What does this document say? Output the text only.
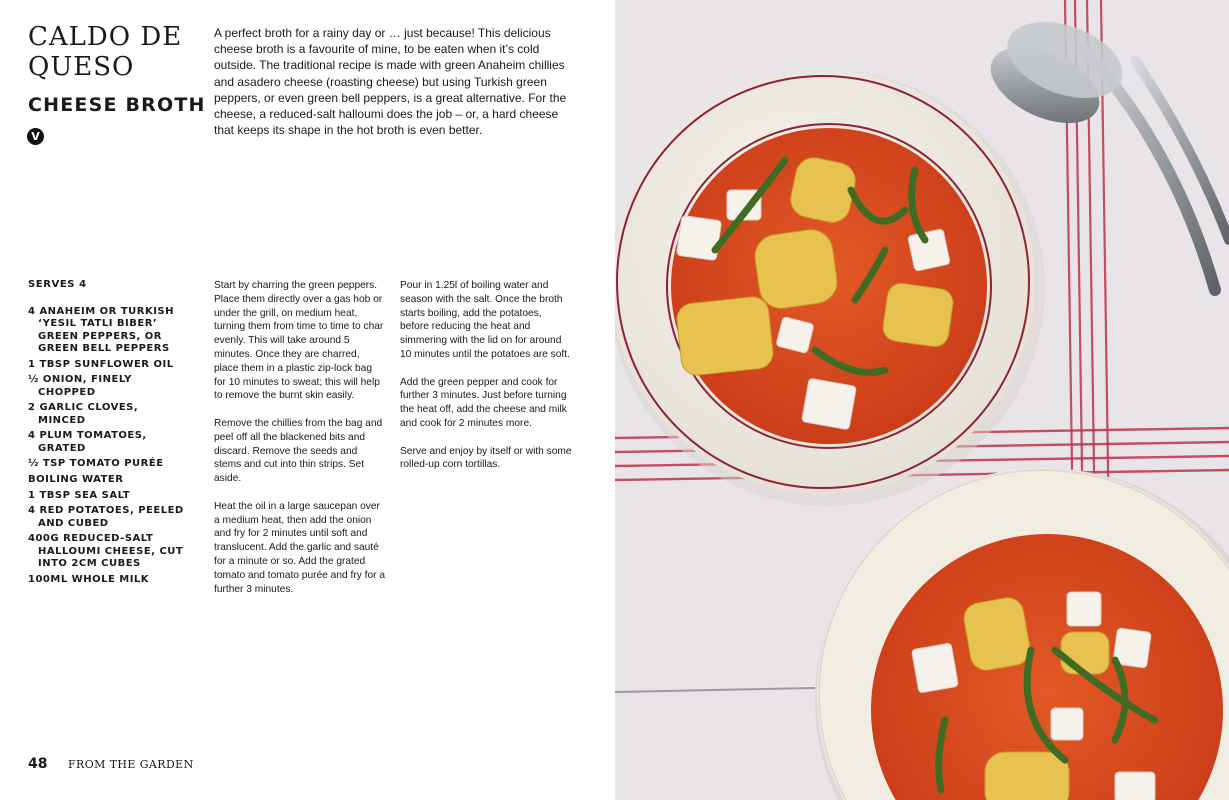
CALDO DE QUESO
CHEESE BROTH
V

A perfect broth for a rainy day or … just because! This delicious cheese broth is a favourite of mine, to be eaten when it’s cold outside. The traditional recipe is made with green Anaheim chillies and asadero cheese (roasting cheese) but using Turkish green peppers, or even green bell peppers, is a great alternative. For the cheese, a reduced-salt halloumi does the job – or, a hard cheese that keeps its shape in the hot broth is even better.

SERVES 4

4 ANAHEIM OR TURKISH ‘YESIL TATLI BIBER’ GREEN PEPPERS, OR GREEN BELL PEPPERS
1 TBSP SUNFLOWER OIL
½ ONION, FINELY CHOPPED
2 GARLIC CLOVES, MINCED
4 PLUM TOMATOES, GRATED
½ TSP TOMATO PURÉE
BOILING WATER
1 TBSP SEA SALT
4 RED POTATOES, PEELED AND CUBED
400G REDUCED-SALT HALLOUMI CHEESE, CUT INTO 2CM CUBES
100ML WHOLE MILK

Start by charring the green peppers. Place them directly over a gas hob or under the grill, on medium heat, turning them from time to time to char evenly. This will take around 5 minutes. Once they are charred, place them in a plastic zip-lock bag for 10 minutes to sweat; this will help to remove the burnt skin easily.

Remove the chillies from the bag and peel off all the blackened bits and discard. Remove the seeds and stems and cut into thin strips. Set aside.

Heat the oil in a large saucepan over a medium heat, then add the onion and fry for 2 minutes until soft and translucent. Add the garlic and sauté for a minute or so. Add the grated tomato and tomato purée and fry for a further 3 minutes.

Pour in 1.25l of boiling water and season with the salt. Once the broth starts boiling, add the potatoes, before reducing the heat and simmering with the lid on for around 10 minutes until the potatoes are soft.

Add the green pepper and cook for further 3 minutes. Just before turning the heat off, add the cheese and milk and cook for 2 minutes more.

Serve and enjoy by itself or with some rolled-up corn tortillas.

48 FROM THE GARDEN
